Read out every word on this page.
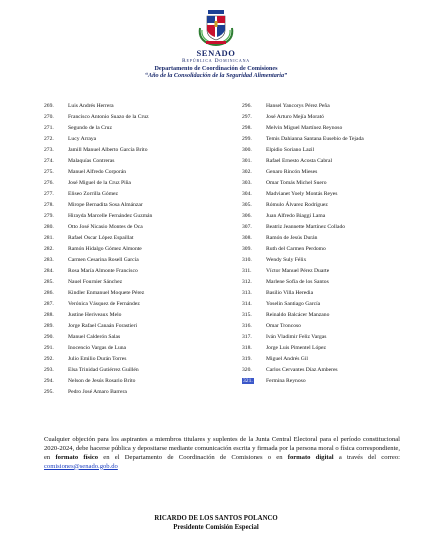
SENADO
República Dominicana
Departamento de Coordinación de Comisiones
“Año de la Consolidación de la Seguridad Alimentaria”
269.	Luis Andrés Herrera
270.	Francisco Antonio Suazo de la Cruz
271.	Segundo de la Cruz
272.	Lucy Arraya
273.	Jamill Manuel Alberto García Brito
274.	Malaquías Contreras
275.	Manuel Alfredo Corporán
276.	José Miguel de la Cruz Piña
277.	Eliseo Zorrilla Gómez
278.	Mirope Bernadita Sosa Almánzar
279.	Hirayda Marcelle Fernández Guzmán
280.	Otto José Nicasio Montes de Oca
281.	Rafael Oscar López Espaillat
282.	Ramón Hidalgo Gómez Almonte
283.	Carmen Cesarina Rosell García
284.	Rosa María Almonte Francisco
285.	Nauel Fournier Sánchez
286.	Kindler Enmanuel Moquete Pérez
287.	Verónica Vásquez de Fernández
288.	Justine Heriveaux Melo
289.	Jorge Rafael Canaán Forastieri
290.	Manuel Calderón Salas
291.	Inocencio Vargas de Luna
292.	Julio Emilio Durán Torres
293.	Elsa Trinidad Gutiérrez Guillén
294.	Nelson de Jesús Rosario Brito
295.	Pedro José Amaro Barrera
296.	Hansel Yancorys Pérez Peña
297.	José Arturo Mejía Morató
298.	Melvin Miguel Martínez Reynoso
299.	Temis Dahianna Santana Eusebio de Tejada
300.	Elpidio Soriano Lazil
301.	Rafael Ernesto Acosta Cabral
302.	Genaro Rincón Mieses
303.	Omar Tomás Michel Suero
304.	Madvianet Yoely Montás Reyes
305.	Rómulo Álvarez Rodríguez
306.	Juan Alfredo Biaggi Lama
307.	Beatriz Jeannette Martínez Collado
308.	Ramón de Jesús Durán
309.	Ruth del Carmen Perdomo
310.	Wendy Suly Félix
311.	Víctor Manuel Pérez Duarte
312.	Marlene Sofía de los Santos
313.	Basilio Villa Heredia
314.	Yoselin Santiago García
315.	Reinaldo Balcácer Manzano
316.	Omar Troncoso
317.	Iván Vladimir Feliz Vargas
318.	Jorge Luis Pimentel López
319.	Miguel Andrés Gil
320.	Carlos Cervantes Díaz Amberes
321.	Fermina Reynoso

Cualquier objeción para los aspirantes a miembros titulares y suplentes de la Junta Central Electoral para el período constitucional 2020-2024, debe hacerse pública y depositarse mediante comunicación escrita y firmada por la persona moral o física correspondiente, en formato físico en el Departamento de Coordinación de Comisiones o en formato digital a través del correo: comisiones@senado.gob.do

RICARDO DE LOS SANTOS POLANCO
Presidente Comisión Especial
